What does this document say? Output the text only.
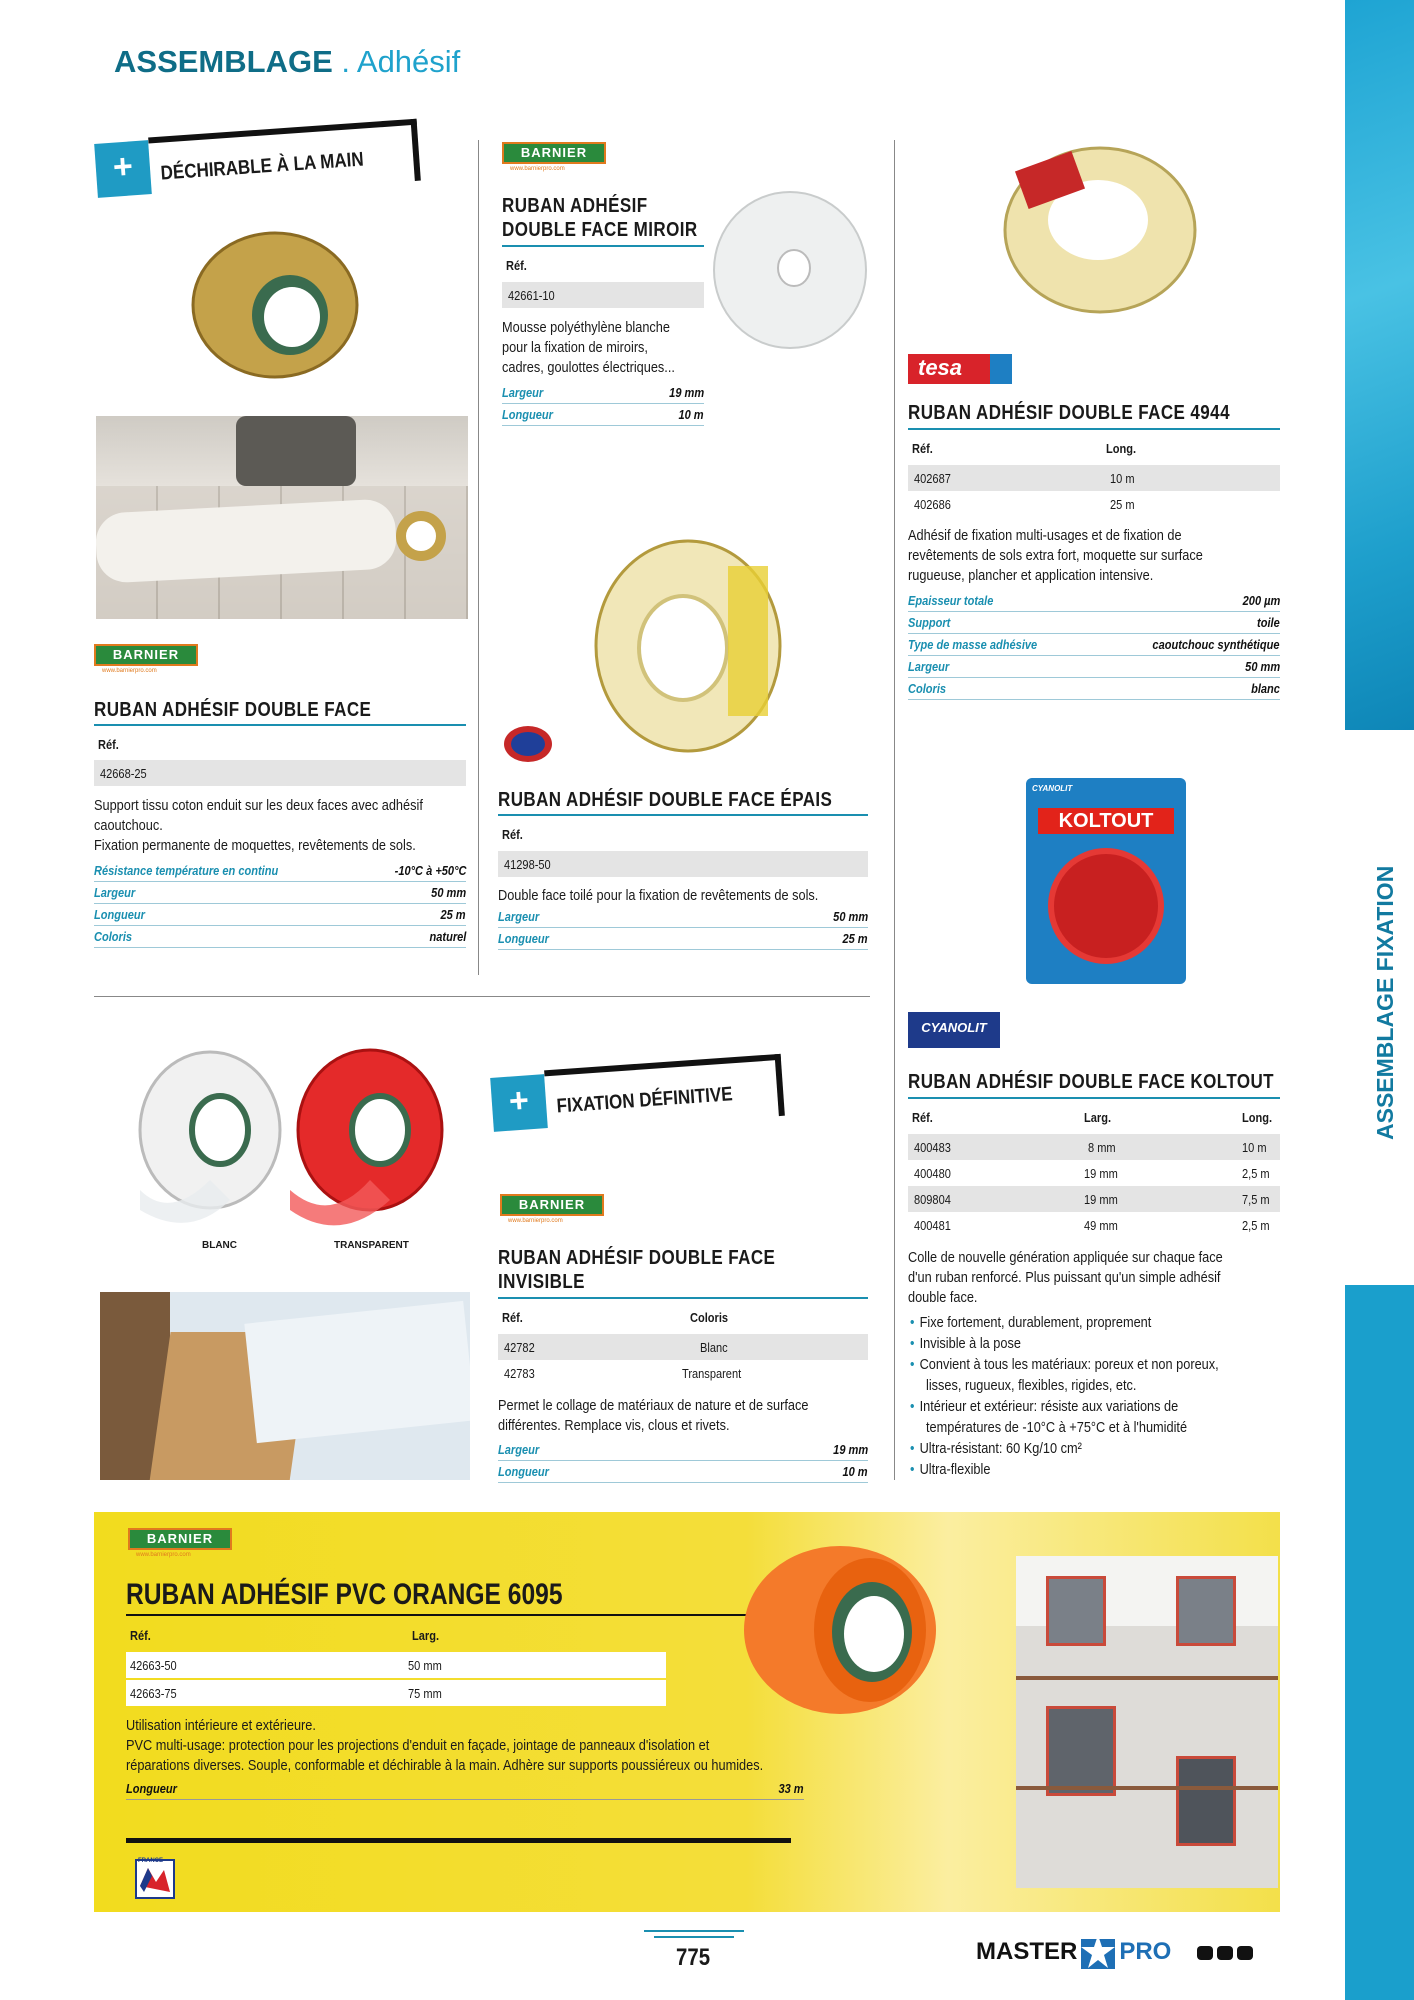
ASSEMBLAGE . Adhésif
ASSEMBLAGE FIXATION
+	DÉCHIRABLE À LA MAIN
BARNIER
www.barnierpro.com
RUBAN ADHÉSIF DOUBLE FACE
Réf.
42668-25
Support tissu coton enduit sur les deux faces avec adhésif
caoutchouc.
Fixation permanente de moquettes, revêtements de sols.
Résistance température en continu	-10°C à +50°C
Largeur	50 mm
Longueur	25 m
Coloris	naturel
BARNIER
www.barnierpro.com
RUBAN ADHÉSIF
DOUBLE FACE MIROIR
Réf.
42661-10
Mousse polyéthylène blanche
pour la fixation de miroirs,
cadres, goulottes électriques...
Largeur	19 mm
Longueur	10 m
RUBAN ADHÉSIF DOUBLE FACE ÉPAIS
Réf.
41298-50
Double face toilé pour la fixation de revêtements de sols.
Largeur	50 mm
Longueur	25 m
tesa
RUBAN ADHÉSIF DOUBLE FACE 4944
Réf.	Long.
402687	10 m
402686	25 m
Adhésif de fixation multi-usages et de fixation de
revêtements de sols extra fort, moquette sur surface
rugueuse, plancher et application intensive.
Epaisseur totale	200 µm
Support	toile
Type de masse adhésive	caoutchouc synthétique
Largeur	50 mm
Coloris	blanc
CYANOLIT
KOLTOUT
CYANOLIT
RUBAN ADHÉSIF DOUBLE FACE KOLTOUT
Réf.	Larg.	Long.
400483	8 mm	10 m
400480	19 mm	2,5 m
809804	19 mm	7,5 m
400481	49 mm	2,5 m
Colle de nouvelle génération appliquée sur chaque face
d'un ruban renforcé. Plus puissant qu'un simple adhésif
double face.
• Fixe fortement, durablement, proprement
• Invisible à la pose
• Convient à tous les matériaux: poreux et non poreux,
lisses, rugueux, flexibles, rigides, etc.
• Intérieur et extérieur: résiste aux variations de
températures de -10°C à +75°C et à l'humidité
• Ultra-résistant: 60 Kg/10 cm²
• Ultra-flexible
BLANC	TRANSPARENT
+	FIXATION DÉFINITIVE
BARNIER
www.barnierpro.com
RUBAN ADHÉSIF DOUBLE FACE
INVISIBLE
Réf.	Coloris
42782	Blanc
42783	Transparent
Permet le collage de matériaux de nature et de surface
différentes. Remplace vis, clous et rivets.
Largeur	19 mm
Longueur	10 m
BARNIER
www.barnierpro.com
RUBAN ADHÉSIF PVC ORANGE 6095
Réf.	Larg.
42663-50	50 mm
42663-75	75 mm
Utilisation intérieure et extérieure.
PVC multi-usage: protection pour les projections d'enduit en façade, jointage de panneaux d'isolation et
réparations diverses. Souple, conformable et déchirable à la main. Adhère sur supports poussiéreux ou humides.
Longueur	33 m
FRANCE
775	MASTER PRO
